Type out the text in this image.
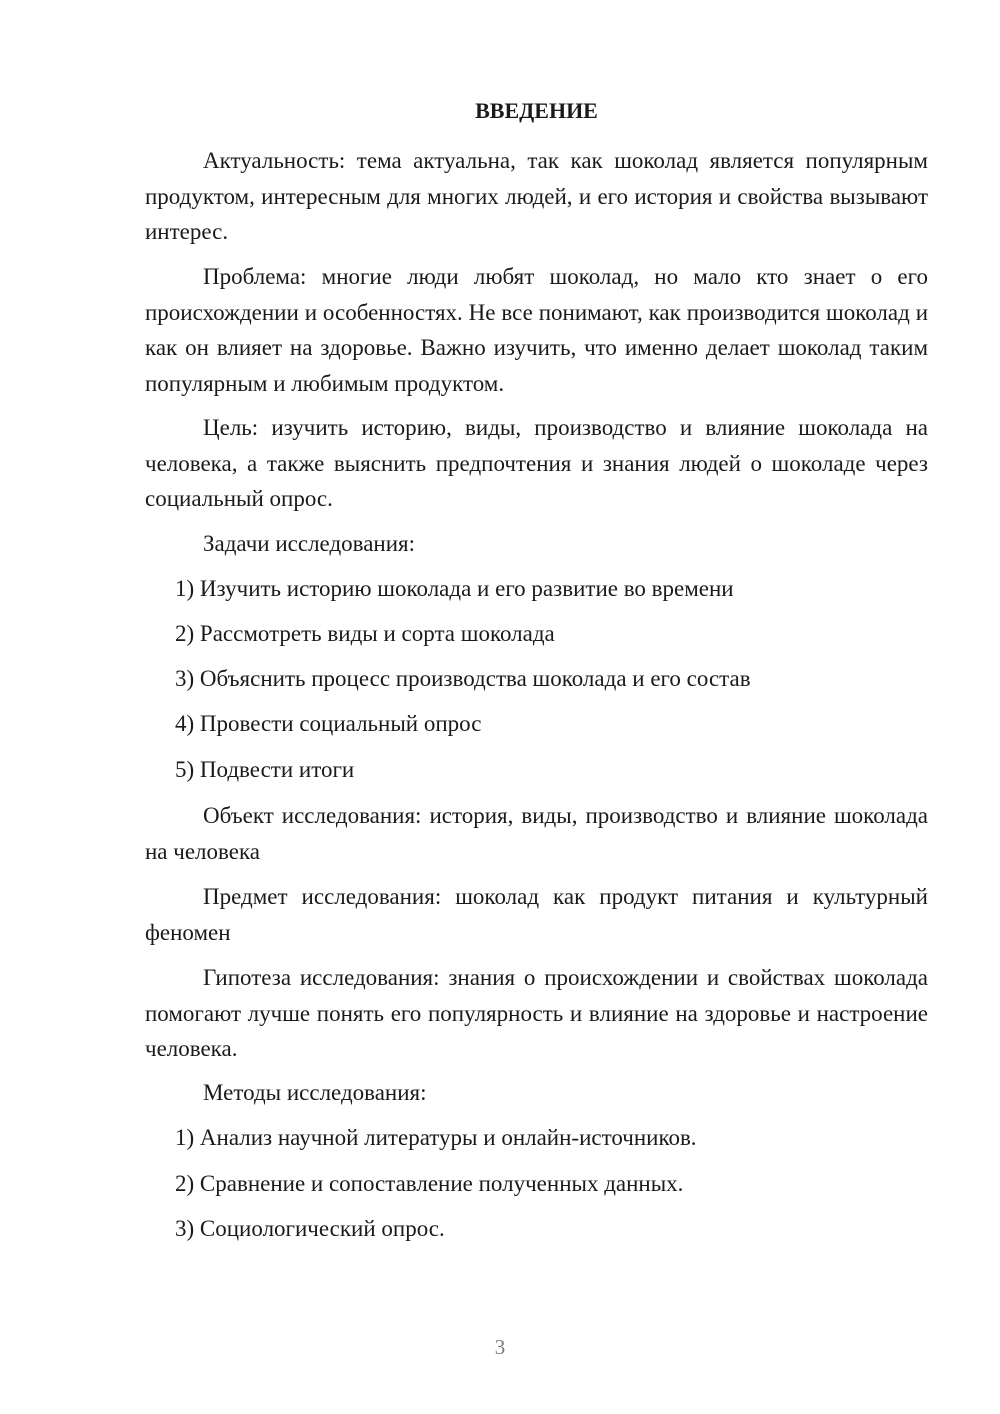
ВВЕДЕНИЕ

Актуальность: тема актуальна, так как шоколад является популярным продуктом, интересным для многих людей, и его история и свойства вызывают интерес.

Проблема: многие люди любят шоколад, но мало кто знает о его происхождении и особенностях. Не все понимают, как производится шоколад и как он влияет на здоровье. Важно изучить, что именно делает шоколад таким популярным и любимым продуктом.

Цель: изучить историю, виды, производство и влияние шоколада на человека, а также выяснить предпочтения и знания людей о шоколаде через социальный опрос.

Задачи исследования:

1) Изучить историю шоколада и его развитие во времени

2) Рассмотреть виды и сорта шоколада

3) Объяснить процесс производства шоколада и его состав

4) Провести социальный опрос

5) Подвести итоги

Объект исследования: история, виды, производство и влияние шоколада на человека

Предмет исследования: шоколад как продукт питания и культурный феномен

Гипотеза исследования: знания о происхождении и свойствах шоколада помогают лучше понять его популярность и влияние на здоровье и настроение человека.

Методы исследования:

1) Анализ научной литературы и онлайн-источников.

2) Сравнение и сопоставление полученных данных.

3) Социологический опрос.

3
